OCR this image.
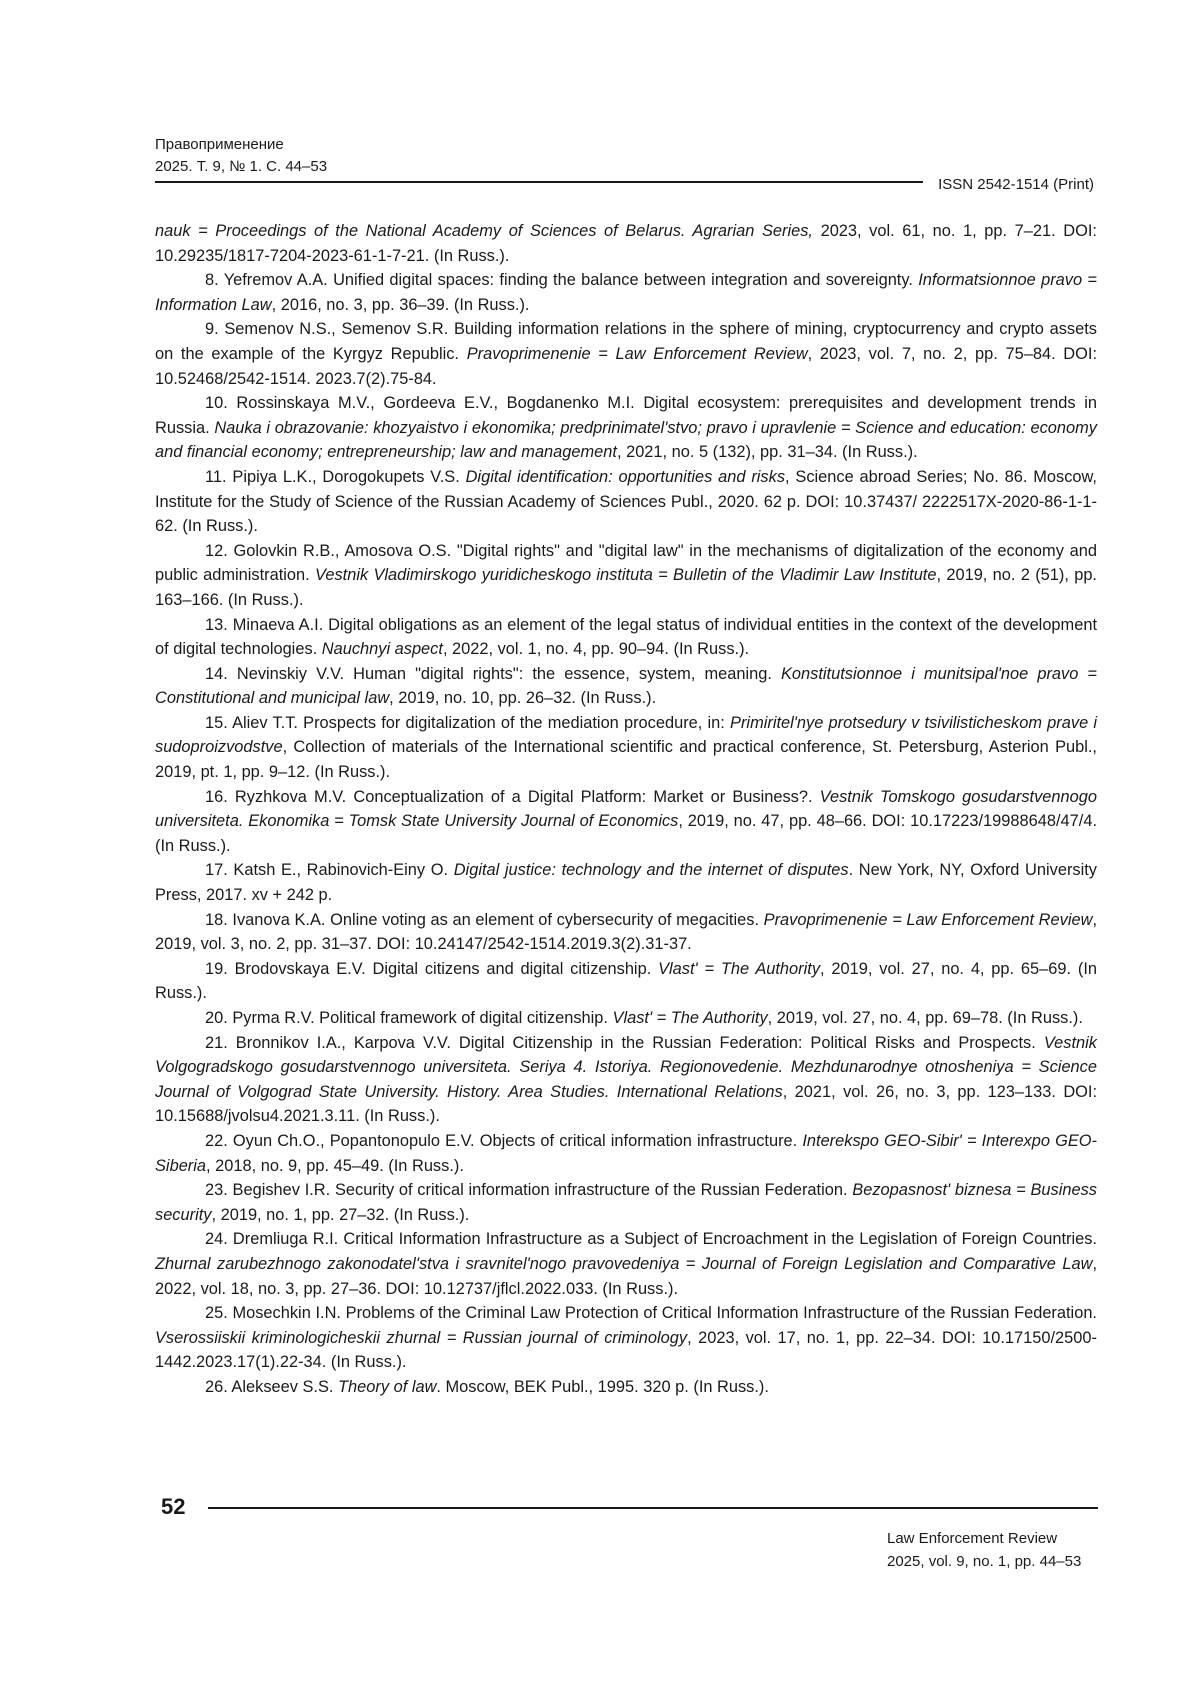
Правоприменение
2025. Т. 9, № 1. С. 44–53
ISSN 2542-1514 (Print)

nauk = Proceedings of the National Academy of Sciences of Belarus. Agrarian Series, 2023, vol. 61, no. 1, pp. 7–21. DOI: 10.29235/1817-7204-2023-61-1-7-21. (In Russ.).

8. Yefremov A.A. Unified digital spaces: finding the balance between integration and sovereignty. Informatsionnoe pravo = Information Law, 2016, no. 3, pp. 36–39. (In Russ.).

9. Semenov N.S., Semenov S.R. Building information relations in the sphere of mining, cryptocurrency and crypto assets on the example of the Kyrgyz Republic. Pravoprimenenie = Law Enforcement Review, 2023, vol. 7, no. 2, pp. 75–84. DOI: 10.52468/2542-1514. 2023.7(2).75-84.

10. Rossinskaya M.V., Gordeeva E.V., Bogdanenko M.I. Digital ecosystem: prerequisites and development trends in Russia. Nauka i obrazovanie: khozyaistvo i ekonomika; predprinimatel'stvo; pravo i upravlenie = Science and education: economy and financial economy; entrepreneurship; law and management, 2021, no. 5 (132), pp. 31–34. (In Russ.).

11. Pipiya L.K., Dorogokupets V.S. Digital identification: opportunities and risks, Science abroad Series; No. 86. Moscow, Institute for the Study of Science of the Russian Academy of Sciences Publ., 2020. 62 p. DOI: 10.37437/ 2222517X-2020-86-1-1-62. (In Russ.).

12. Golovkin R.B., Amosova O.S. "Digital rights" and "digital law" in the mechanisms of digitalization of the economy and public administration. Vestnik Vladimirskogo yuridicheskogo instituta = Bulletin of the Vladimir Law Institute, 2019, no. 2 (51), pp. 163–166. (In Russ.).

13. Minaeva A.I. Digital obligations as an element of the legal status of individual entities in the context of the development of digital technologies. Nauchnyi aspect, 2022, vol. 1, no. 4, pp. 90–94. (In Russ.).

14. Nevinskiy V.V. Human "digital rights": the essence, system, meaning. Konstitutsionnoe i munitsipal'noe pravo = Constitutional and municipal law, 2019, no. 10, pp. 26–32. (In Russ.).

15. Aliev T.T. Prospects for digitalization of the mediation procedure, in: Primiritel'nye protsedury v tsivilisticheskom prave i sudoproizvodstve, Collection of materials of the International scientific and practical conference, St. Petersburg, Asterion Publ., 2019, pt. 1, pp. 9–12. (In Russ.).

16. Ryzhkova M.V. Conceptualization of a Digital Platform: Market or Business?. Vestnik Tomskogo gosudarstvennogo universiteta. Ekonomika = Tomsk State University Journal of Economics, 2019, no. 47, pp. 48–66. DOI: 10.17223/19988648/47/4. (In Russ.).

17. Katsh E., Rabinovich-Einy O. Digital justice: technology and the internet of disputes. New York, NY, Oxford University Press, 2017. xv + 242 p.

18. Ivanova K.A. Online voting as an element of cybersecurity of megacities. Pravoprimenenie = Law Enforcement Review, 2019, vol. 3, no. 2, pp. 31–37. DOI: 10.24147/2542-1514.2019.3(2).31-37.

19. Brodovskaya E.V. Digital citizens and digital citizenship. Vlast' = The Authority, 2019, vol. 27, no. 4, pp. 65–69. (In Russ.).

20. Pyrma R.V. Political framework of digital citizenship. Vlast' = The Authority, 2019, vol. 27, no. 4, pp. 69–78. (In Russ.).

21. Bronnikov I.A., Karpova V.V. Digital Citizenship in the Russian Federation: Political Risks and Prospects. Vestnik Volgogradskogo gosudarstvennogo universiteta. Seriya 4. Istoriya. Regionovedenie. Mezhdunarodnye otnosheniya = Science Journal of Volgograd State University. History. Area Studies. International Relations, 2021, vol. 26, no. 3, pp. 123–133. DOI: 10.15688/jvolsu4.2021.3.11. (In Russ.).

22. Oyun Ch.O., Popantonopulo E.V. Objects of critical information infrastructure. Interekspo GEO-Sibir' = Interexpo GEO-Siberia, 2018, no. 9, pp. 45–49. (In Russ.).

23. Begishev I.R. Security of critical information infrastructure of the Russian Federation. Bezopasnost' biznesa = Business security, 2019, no. 1, pp. 27–32. (In Russ.).

24. Dremliuga R.I. Critical Information Infrastructure as a Subject of Encroachment in the Legislation of Foreign Countries. Zhurnal zarubezhnogo zakonodatel'stva i sravnitel'nogo pravovedeniya = Journal of Foreign Legislation and Comparative Law, 2022, vol. 18, no. 3, pp. 27–36. DOI: 10.12737/jflcl.2022.033. (In Russ.).

25. Mosechkin I.N. Problems of the Criminal Law Protection of Critical Information Infrastructure of the Russian Federation. Vserossiiskii kriminologicheskii zhurnal = Russian journal of criminology, 2023, vol. 17, no. 1, pp. 22–34. DOI: 10.17150/2500-1442.2023.17(1).22-34. (In Russ.).

26. Alekseev S.S. Theory of law. Moscow, BEK Publ., 1995. 320 p. (In Russ.).

52
Law Enforcement Review
2025, vol. 9, no. 1, pp. 44–53
